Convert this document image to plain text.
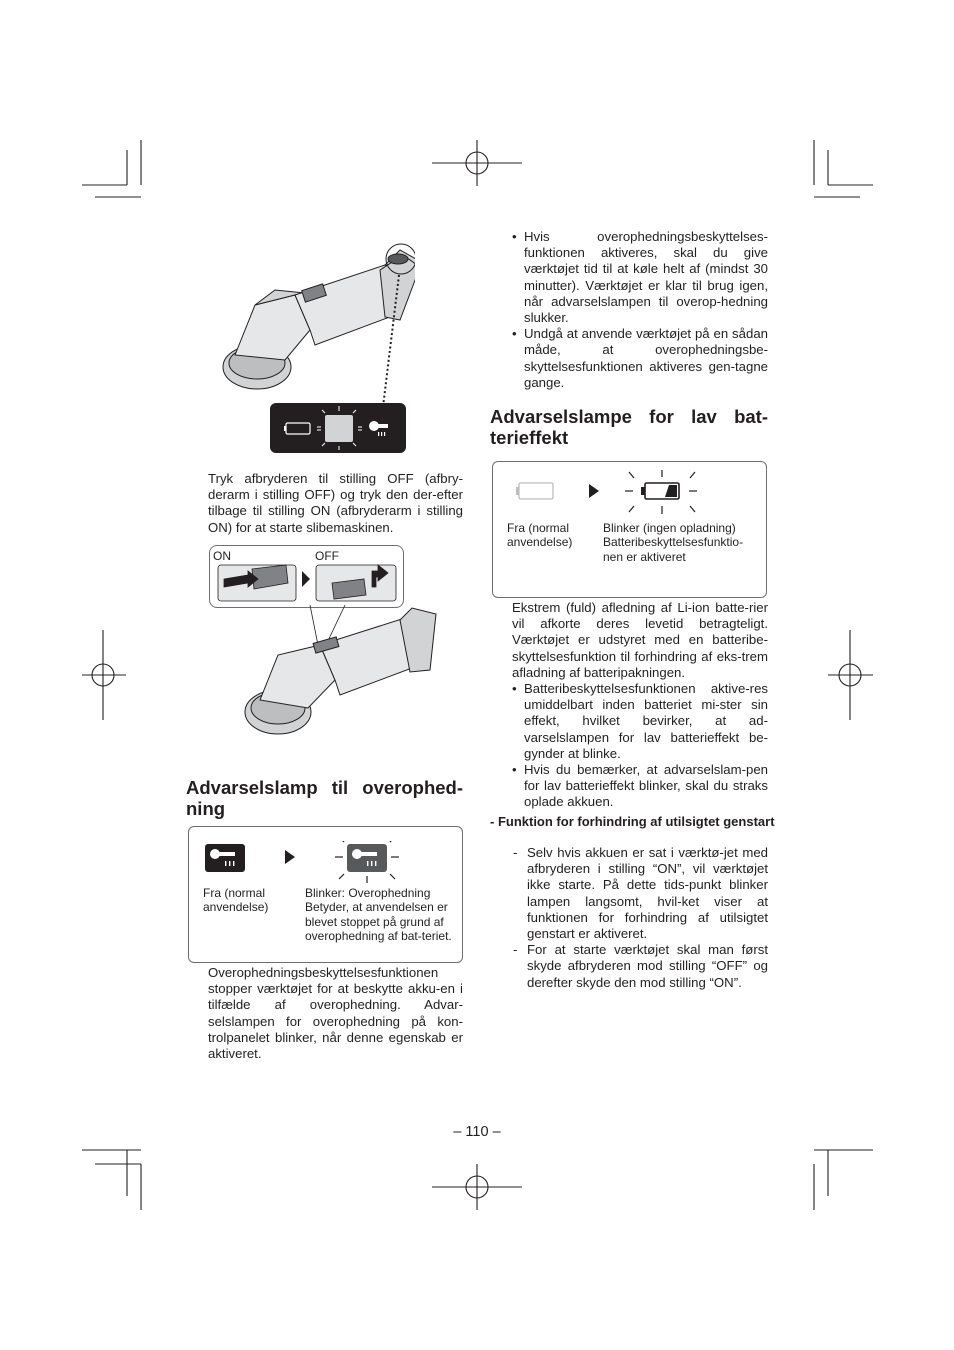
Tryk afbryderen til stilling OFF (afbry-derarm i stilling OFF) og tryk den der-efter tilbage til stilling ON (afbryderarm i stilling ON) for at starte slibemaskinen.
ON	OFF
Advarselslamp til overophed-ning
Fra (normal anvendelse)
Blinker: Overophedning Betyder, at anvendelsen er blevet stoppet på grund af overophedning af bat-teriet.
Overophedningsbeskyttelsesfunktionen stopper værktøjet for at beskytte akku-en i tilfælde af overophedning. Advar-selslampen for overophedning på kon-trolpanelet blinker, når denne egenskab er aktiveret.

• Hvis overophedningsbeskyttelses-funktionen aktiveres, skal du give værktøjet tid til at køle helt af (mindst 30 minutter). Værktøjet er klar til brug igen, når advarselslampen til overop-hedning slukker.

• Undgå at anvende værktøjet på en sådan måde, at overophedningsbe-skyttelsesfunktionen aktiveres gen-tagne gange.

Advarselslampe for lav bat-terieffekt
Fra (normal anvendelse)
Blinker (ingen opladning) Batteribeskyttelsesfunktio-nen er aktiveret

Ekstrem (fuld) afledning af Li-ion batte-rier vil afkorte deres levetid betragteligt. Værktøjet er udstyret med en batteribe-skyttelsesfunktion til forhindring af eks-trem afladning af batteripakningen.

• Batteribeskyttelsesfunktionen aktive-res umiddelbart inden batteriet mi-ster sin effekt, hvilket bevirker, at ad-varselslampen for lav batterieffekt be-gynder at blinke.

• Hvis du bemærker, at advarselslam-pen for lav batterieffekt blinker, skal du straks oplade akkuen.

- Funktion for forhindring af utilsigtet genstart

- Selv hvis akkuen er sat i værktø-jet med afbryderen i stilling “ON”, vil værktøjet ikke starte. På dette tids-punkt blinker lampen langsomt, hvil-ket viser at funktionen for forhindring af utilsigtet genstart er aktiveret.

- For at starte værktøjet skal man først skyde afbryderen mod stilling “OFF” og derefter skyde den mod stilling “ON”.

– 110 –
